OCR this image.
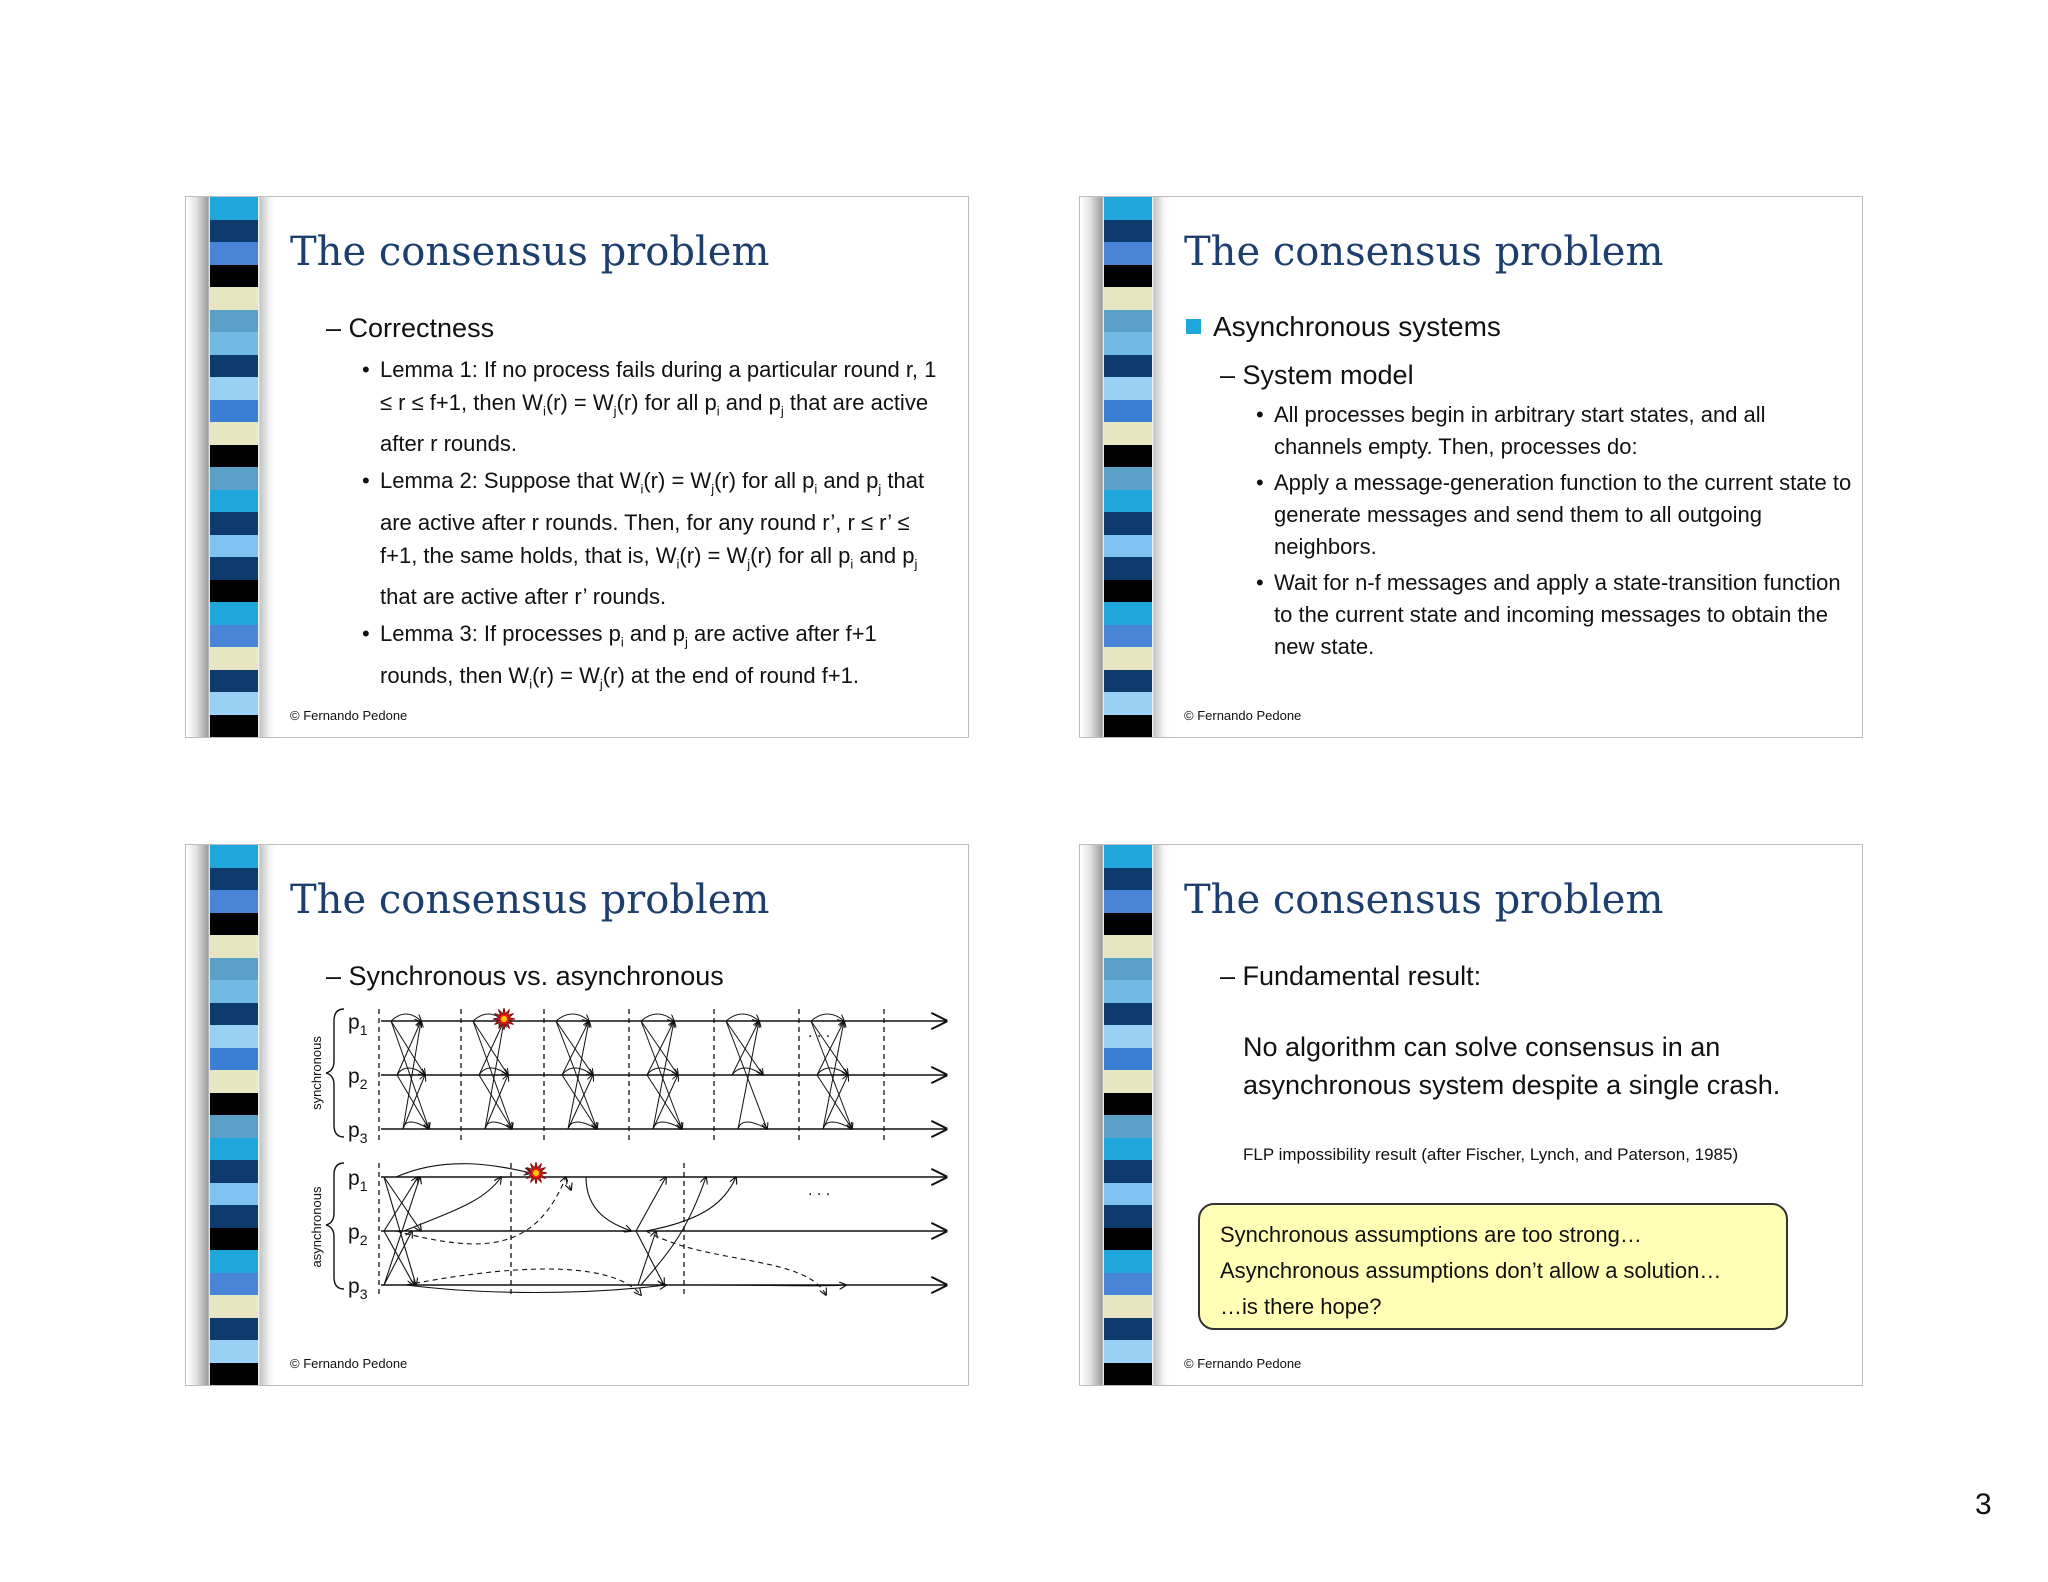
The consensus problem
– Correctness
• Lemma 1: If no process fails during a particular round r, 1 ≤ r ≤ f+1, then $W_i(r) = W_j(r)$ for all $p_i$ and $p_j$ that are active after r rounds.
• Lemma 2: Suppose that $W_i(r) = W_j(r)$ for all $p_i$ and $p_j$ that are active after r rounds. Then, for any round r’, r ≤ r’ ≤ f+1, the same holds, that is, $W_i(r) = W_j(r)$ for all $p_i$ and $p_j$ that are active after r’ rounds.
• Lemma 3: If processes $p_i$ and $p_j$ are active after f+1 rounds, then $W_i(r) = W_j(r)$ at the end of round f+1.
© Fernando Pedone
The consensus problem
Asynchronous systems
– System model
• All processes begin in arbitrary start states, and all channels empty. Then, processes do:
• Apply a message-generation function to the current state to generate messages and send them to all outgoing neighbors.
• Wait for n-f messages and apply a state-transition function to the current state and incoming messages to obtain the new state.
© Fernando Pedone
The consensus problem
– Synchronous vs. asynchronous
synchronous
asynchronous
$p_1$
$p_2$
$p_3$
$p_1$
$p_2$
$p_3$
. . .
. . .
© Fernando Pedone
The consensus problem
– Fundamental result:
No algorithm can solve consensus in an asynchronous system despite a single crash.
FLP impossibility result (after Fischer, Lynch, and Paterson, 1985)
Synchronous assumptions are too strong…
Asynchronous assumptions don’t allow a solution…
…is there hope?
© Fernando Pedone
3
